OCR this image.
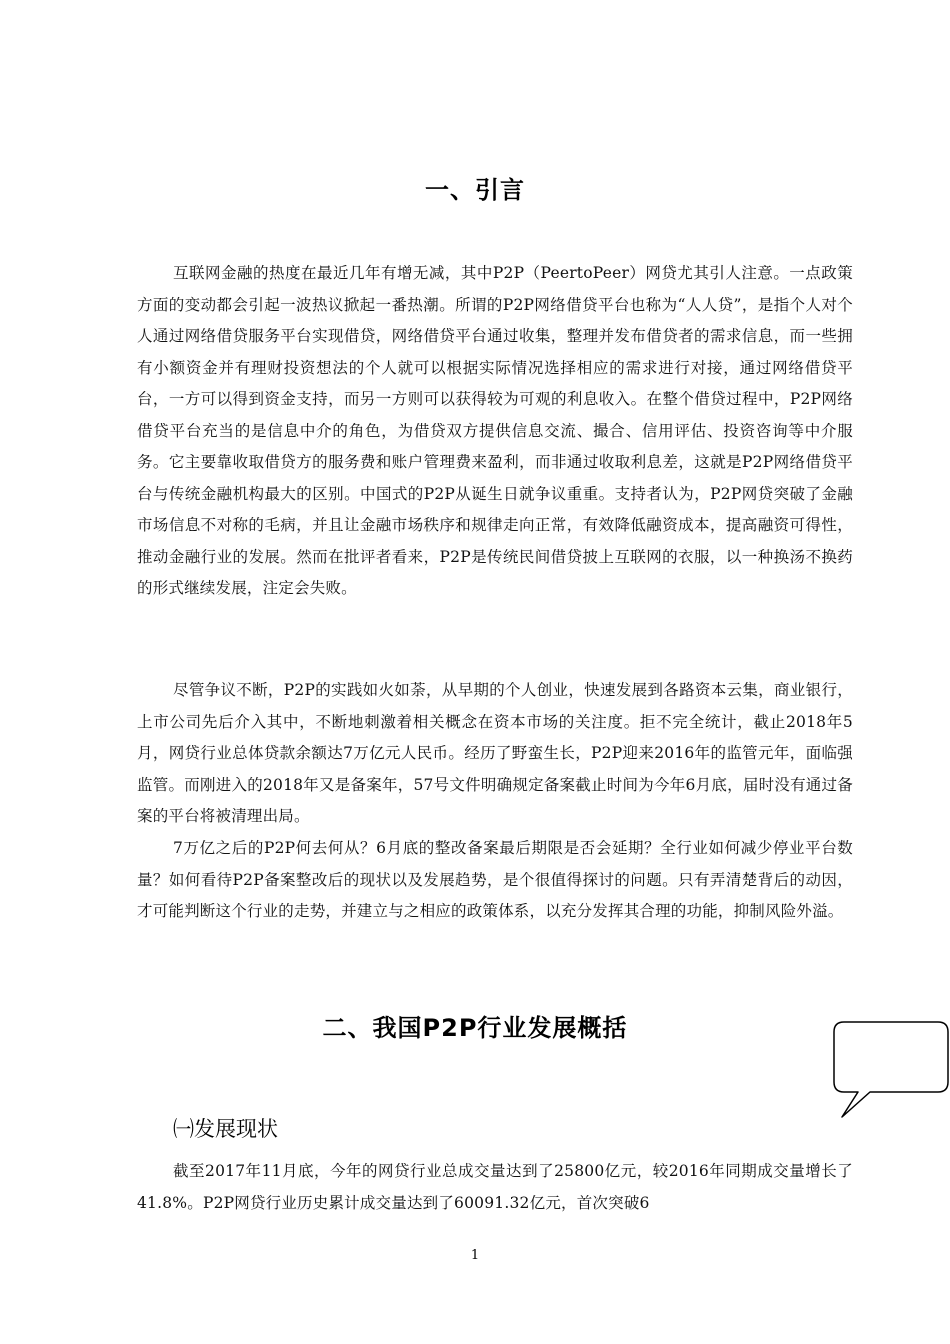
一、引言

互联网金融的热度在最近几年有增无减，其中P2P（PeertoPeer）网贷尤其引人注意。一点政策方面的变动都会引起一波热议掀起一番热潮。所谓的P2P网络借贷平台也称为“人人贷”，是指个人对个人通过网络借贷服务平台实现借贷，网络借贷平台通过收集，整理并发布借贷者的需求信息，而一些拥有小额资金并有理财投资想法的个人就可以根据实际情况选择相应的需求进行对接，通过网络借贷平台，一方可以得到资金支持，而另一方则可以获得较为可观的利息收入。在整个借贷过程中，P2P网络借贷平台充当的是信息中介的角色，为借贷双方提供信息交流、撮合、信用评估、投资咨询等中介服务。它主要靠收取借贷方的服务费和账户管理费来盈利，而非通过收取利息差，这就是P2P网络借贷平台与传统金融机构最大的区别。中国式的P2P从诞生日就争议重重。支持者认为，P2P网贷突破了金融市场信息不对称的毛病，并且让金融市场秩序和规律走向正常，有效降低融资成本，提高融资可得性，推动金融行业的发展。然而在批评者看来，P2P是传统民间借贷披上互联网的衣服，以一种换汤不换药的形式继续发展，注定会失败。

尽管争议不断，P2P的实践如火如荼，从早期的个人创业，快速发展到各路资本云集，商业银行，上市公司先后介入其中，不断地刺激着相关概念在资本市场的关注度。拒不完全统计，截止2018年5月，网贷行业总体贷款余额达7万亿元人民币。经历了野蛮生长，P2P迎来2016年的监管元年，面临强监管。而刚进入的2018年又是备案年，57号文件明确规定备案截止时间为今年6月底，届时没有通过备案的平台将被清理出局。

7万亿之后的P2P何去何从？6月底的整改备案最后期限是否会延期？全行业如何减少停业平台数量？如何看待P2P备案整改后的现状以及发展趋势，是个很值得探讨的问题。只有弄清楚背后的动因，才可能判断这个行业的走势，并建立与之相应的政策体系，以充分发挥其合理的功能，抑制风险外溢。

二、我国P2P行业发展概括
㈠发展现状

截至2017年11月底，今年的网贷行业总成交量达到了25800亿元，较2016年同期成交量增长了41.8%。P2P网贷行业历史累计成交量达到了60091.32亿元，首次突破6

1
